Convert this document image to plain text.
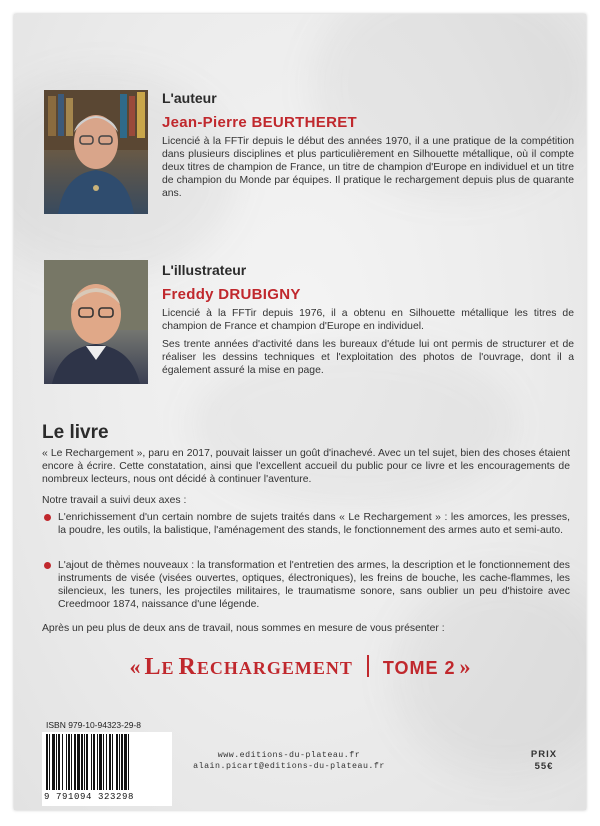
L'auteur
Jean-Pierre BEURTHERET

Licencié à la FFTir depuis le début des années 1970, il a une pratique de la compétition dans plusieurs disciplines et plus particulièrement en Silhouette métallique, où il compte deux titres de champion de France, un titre de champion d'Europe en individuel et un titre de champion du Monde par équipes. Il pratique le rechargement depuis plus de quarante ans.

L'illustrateur
Freddy DRUBIGNY

Licencié à la FFTir depuis 1976, il a obtenu en Silhouette métallique les titres de champion de France et champion d'Europe en individuel.

Ses trente années d'activité dans les bureaux d'étude lui ont permis de structurer et de réaliser les dessins techniques et l'exploitation des photos de l'ouvrage, dont il a également assuré la mise en page.

Le livre

« Le Rechargement », paru en 2017, pouvait laisser un goût d'inachevé. Avec un tel sujet, bien des choses étaient encore à écrire. Cette constatation, ainsi que l'excellent accueil du public pour ce livre et les encouragements de nombreux lecteurs, nous ont décidé à continuer l'aventure.

Notre travail a suivi deux axes :

L'enrichissement d'un certain nombre de sujets traités dans « Le Rechargement » : les amorces, les presses, la poudre, les outils, la balistique, l'aménagement des stands, le fonctionnement des armes auto et semi-auto.

L'ajout de thèmes nouveaux : la transformation et l'entretien des armes, la description et le fonctionnement des instruments de visée (visées ouvertes, optiques, électroniques), les freins de bouche, les cache-flammes, les silencieux, les tuners, les projectiles militaires, le traumatisme sonore, sans oublier un peu d'histoire avec Creedmoor 1874, naissance d'une légende.

Après un peu plus de deux ans de travail, nous sommes en mesure de vous présenter :

« LE RECHARGEMENT TOME 2 »

ISBN 979-10-94323-29-8

9 791094 323298

www.editions-du-plateau.fr
alain.picart@editions-du-plateau.fr

PRIX
55€
